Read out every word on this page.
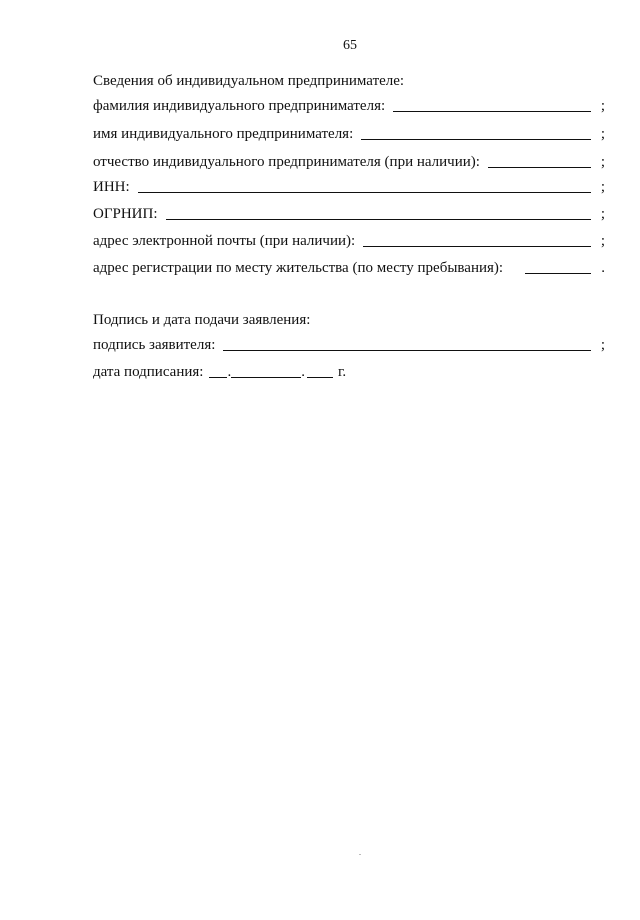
65
Сведения об индивидуальном предпринимателе:
фамилия индивидуального предпринимателя:	;
имя индивидуального предпринимателя:	;
отчество индивидуального предпринимателя (при наличии):	;
ИНН:	;
ОГРНИП:	;
адрес электронной почты (при наличии):	;
адрес регистрации по месту жительства (по месту пребывания):	.
Подпись и дата подачи заявления:
подпись заявителя:	;
дата подписания: .	. г.
